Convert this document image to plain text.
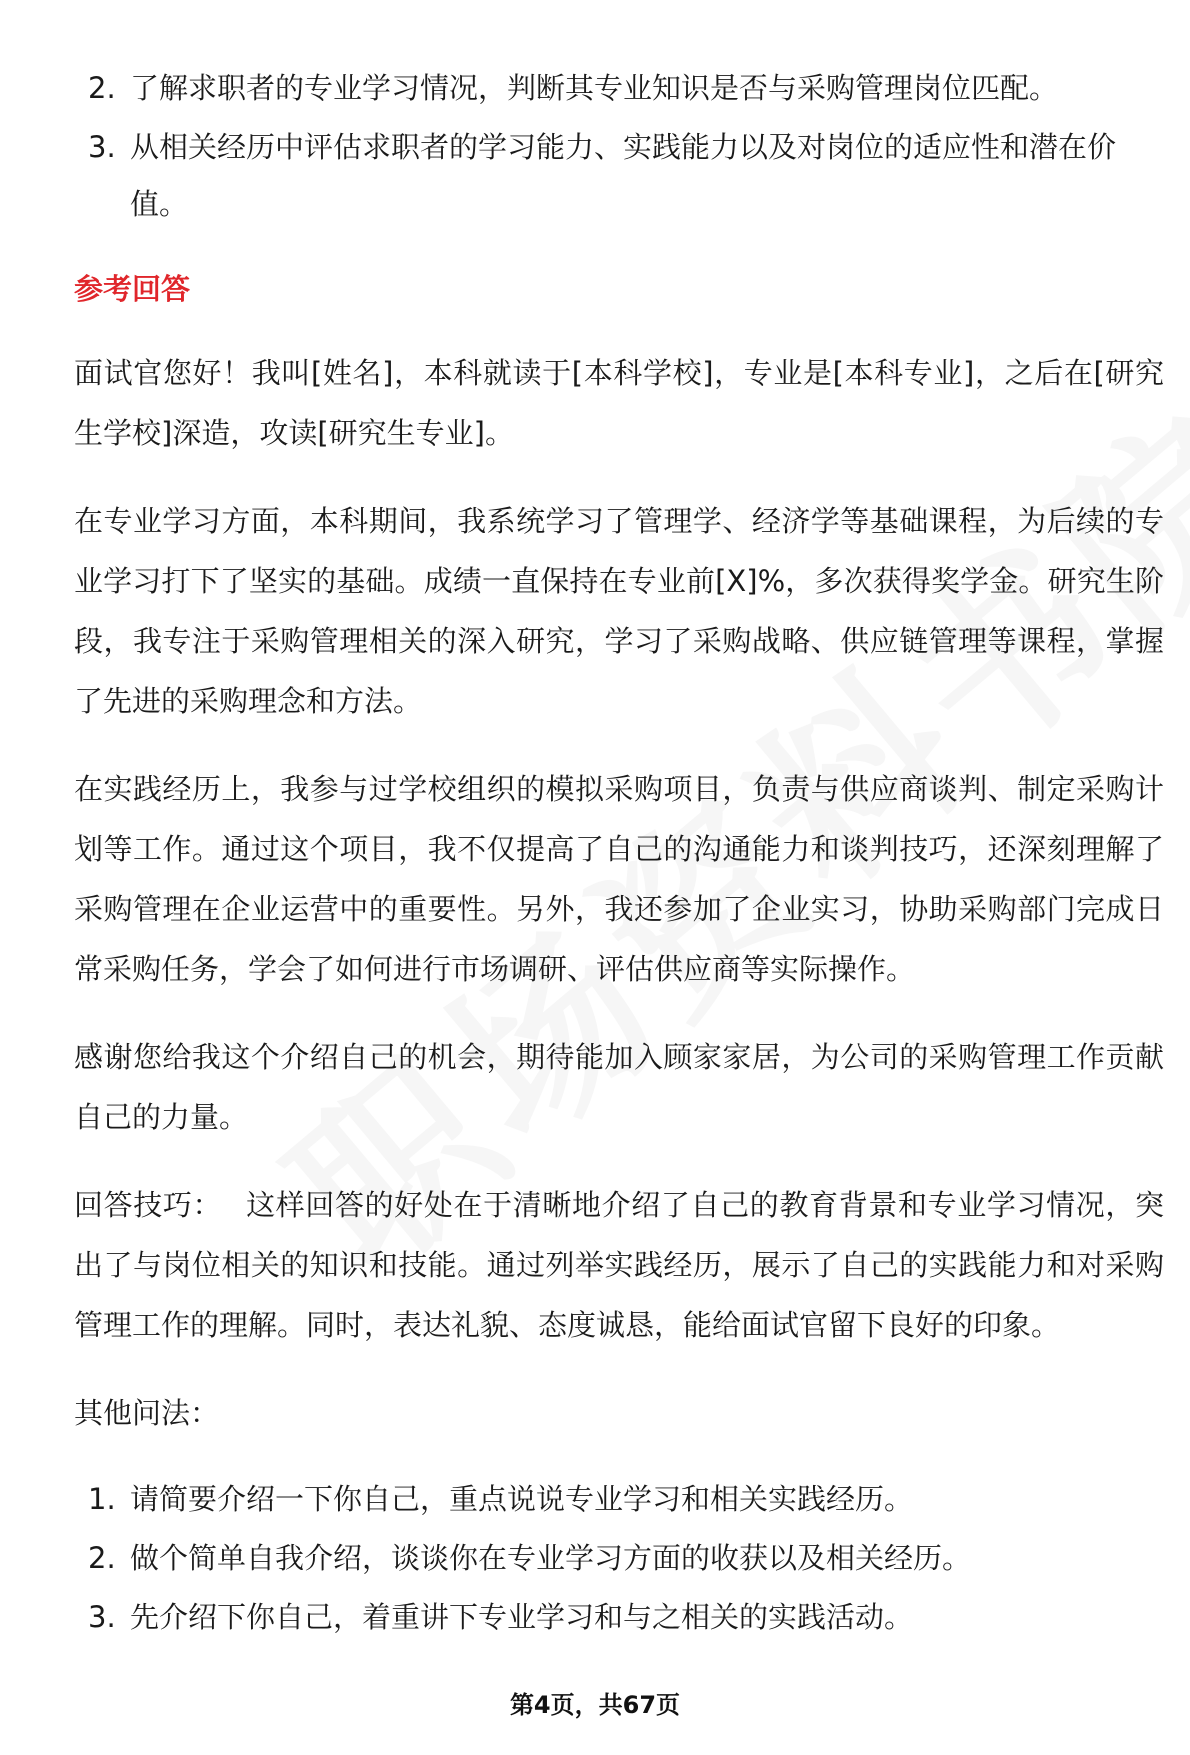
2. 了解求职者的专业学习情况，判断其专业知识是否与采购管理岗位匹配。
3. 从相关经历中评估求职者的学习能力、实践能力以及对岗位的适应性和潜在价值。
参考回答

面试官您好！我叫[姓名]，本科就读于[本科学校]，专业是[本科专业]，之后在[研究生学校]深造，攻读[研究生专业]。

在专业学习方面，本科期间，我系统学习了管理学、经济学等基础课程，为后续的专业学习打下了坚实的基础。成绩一直保持在专业前[X]%，多次获得奖学金。研究生阶段，我专注于采购管理相关的深入研究，学习了采购战略、供应链管理等课程，掌握了先进的采购理念和方法。

在实践经历上，我参与过学校组织的模拟采购项目，负责与供应商谈判、制定采购计划等工作。通过这个项目，我不仅提高了自己的沟通能力和谈判技巧，还深刻理解了采购管理在企业运营中的重要性。另外，我还参加了企业实习，协助采购部门完成日常采购任务，学会了如何进行市场调研、评估供应商等实际操作。

感谢您给我这个介绍自己的机会，期待能加入顾家家居，为公司的采购管理工作贡献自己的力量。

回答技巧： 这样回答的好处在于清晰地介绍了自己的教育背景和专业学习情况，突出了与岗位相关的知识和技能。通过列举实践经历，展示了自己的实践能力和对采购管理工作的理解。同时，表达礼貌、态度诚恳，能给面试官留下良好的印象。

其他问法：

1. 请简要介绍一下你自己，重点说说专业学习和相关实践经历。
2. 做个简单自我介绍，谈谈你在专业学习方面的收获以及相关经历。
3. 先介绍下你自己，着重讲下专业学习和与之相关的实践活动。
第4页，共67页
